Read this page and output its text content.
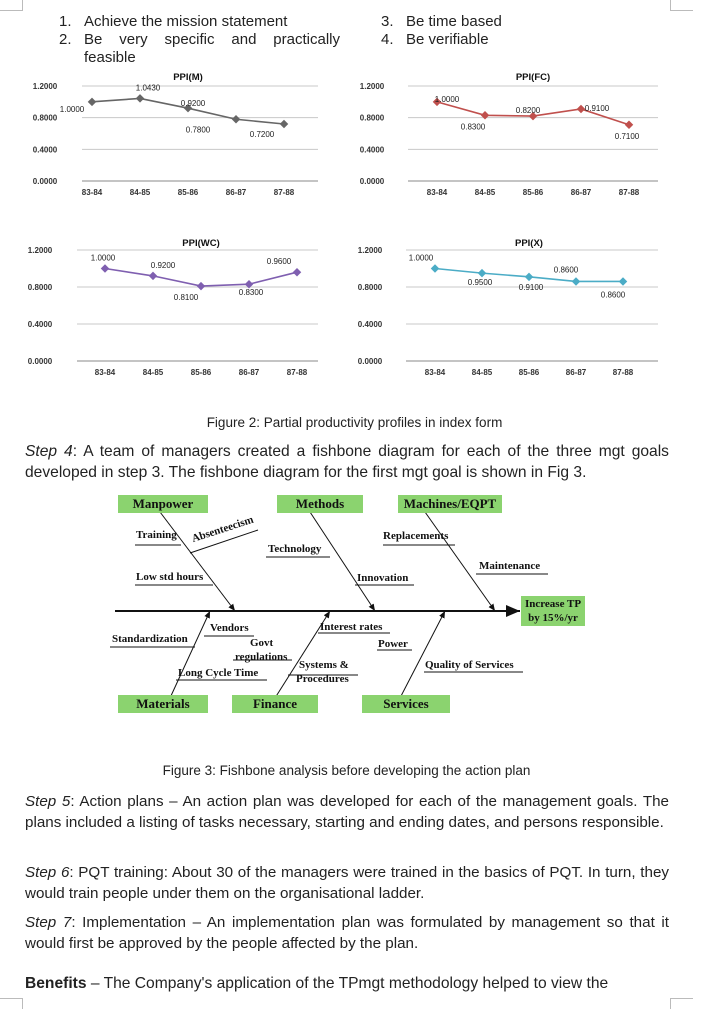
1. Achieve the mission statement
2. Be very specific and practically
feasible
3. Be time based
4. Be verifiable
1.2000
0.8000
0.4000
0.0000
PPI(M)
83-84	84-85	85-86	86-87	87-88
1.0000
1.0430
0.9200
0.7800
0.7200
1.2000
0.8000
0.4000
0.0000
PPI(FC)
83-84	84-85	85-86	86-87	87-88
1.0000
0.8300
0.8200	0.9100
0.7100
1.2000
0.8000
0.4000
0.0000
PPI(WC)
83-84	84-85	85-86	86-87	87-88
1.0000
0.9200
0.8100
0.8300
0.9600
1.2000
0.8000
0.4000
0.0000
PPI(X)
83-84	84-85	85-86	86-87	87-88
1.0000
0.9500
0.9100
0.8600
0.8600
Figure 2: Partial productivity profiles in index form
Step 4: A team of managers created a fishbone diagram for each of the three mgt goals developed in step 3. The fishbone diagram for the first mgt goal is shown in Fig 3.
Manpower	Methods	Machines/EQPT
Materials	Finance	Services
Training Absenteecism
Low std hours
Technology
Replacements
Innovation
Maintenance
Standardization
Vendors
Govt
regulations
Long Cycle Time
Interest rates
Systems &
Procedures
Power
Quality of Services
Increase TP
by 15%/yr
Figure 3: Fishbone analysis before developing the action plan
Step 5: Action plans – An action plan was developed for each of the management goals. The plans included a listing of tasks necessary, starting and ending dates, and persons responsible.
Step 6: PQT training: About 30 of the managers were trained in the basics of PQT. In turn, they would train people under them on the organisational ladder.
Step 7: Implementation – An implementation plan was formulated by management so that it would first be approved by the people affected by the plan.
Benefits – The Company's application of the TPmgt methodology helped to view the
